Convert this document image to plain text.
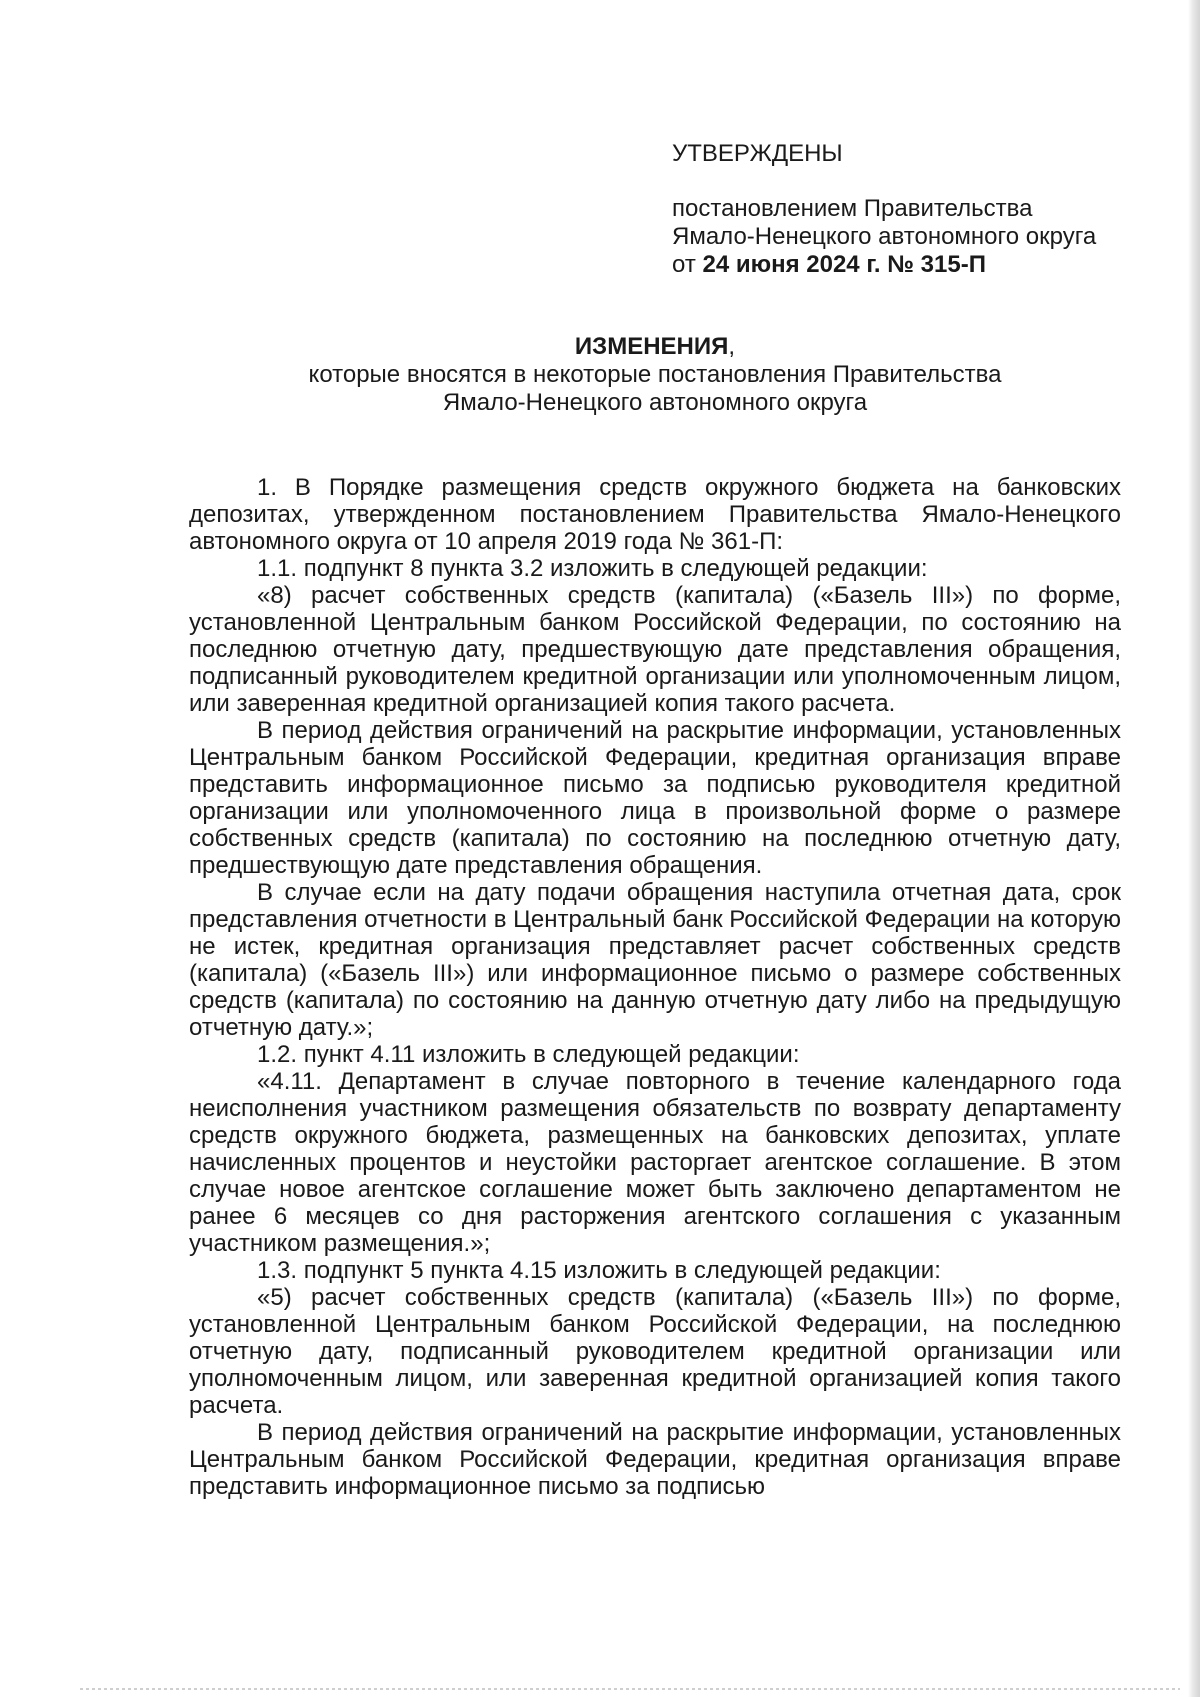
УТВЕРЖДЕНЫ
постановлением Правительства
Ямало-Ненецкого автономного округа
от 24 июня 2024 г. № 315-П
ИЗМЕНЕНИЯ,
которые вносятся в некоторые постановления Правительства
Ямало-Ненецкого автономного округа

1. В Порядке размещения средств окружного бюджета на банковских депозитах, утвержденном постановлением Правительства Ямало-Ненецкого автономного округа от 10 апреля 2019 года № 361-П:

1.1. подпункт 8 пункта 3.2 изложить в следующей редакции:

«8) расчет собственных средств (капитала) («Базель III») по форме, установленной Центральным банком Российской Федерации, по состоянию на последнюю отчетную дату, предшествующую дате представления обращения, подписанный руководителем кредитной организации или уполномоченным лицом, или заверенная кредитной организацией копия такого расчета.

В период действия ограничений на раскрытие информации, установленных Центральным банком Российской Федерации, кредитная организация вправе представить информационное письмо за подписью руководителя кредитной организации или уполномоченного лица в произвольной форме о размере собственных средств (капитала) по состоянию на последнюю отчетную дату, предшествующую дате представления обращения.

В случае если на дату подачи обращения наступила отчетная дата, срок представления отчетности в Центральный банк Российской Федерации на которую не истек, кредитная организация представляет расчет собственных средств (капитала) («Базель III») или информационное письмо о размере собственных средств (капитала) по состоянию на данную отчетную дату либо на предыдущую отчетную дату.»;

1.2. пункт 4.11 изложить в следующей редакции:

«4.11. Департамент в случае повторного в течение календарного года неисполнения участником размещения обязательств по возврату департаменту средств окружного бюджета, размещенных на банковских депозитах, уплате начисленных процентов и неустойки расторгает агентское соглашение. В этом случае новое агентское соглашение может быть заключено департаментом не ранее 6 месяцев со дня расторжения агентского соглашения с указанным участником размещения.»;

1.3. подпункт 5 пункта 4.15 изложить в следующей редакции:

«5) расчет собственных средств (капитала) («Базель III») по форме, установленной Центральным банком Российской Федерации, на последнюю отчетную дату, подписанный руководителем кредитной организации или уполномоченным лицом, или заверенная кредитной организацией копия такого расчета.

В период действия ограничений на раскрытие информации, установленных Центральным банком Российской Федерации, кредитная организация вправе представить информационное письмо за подписью
